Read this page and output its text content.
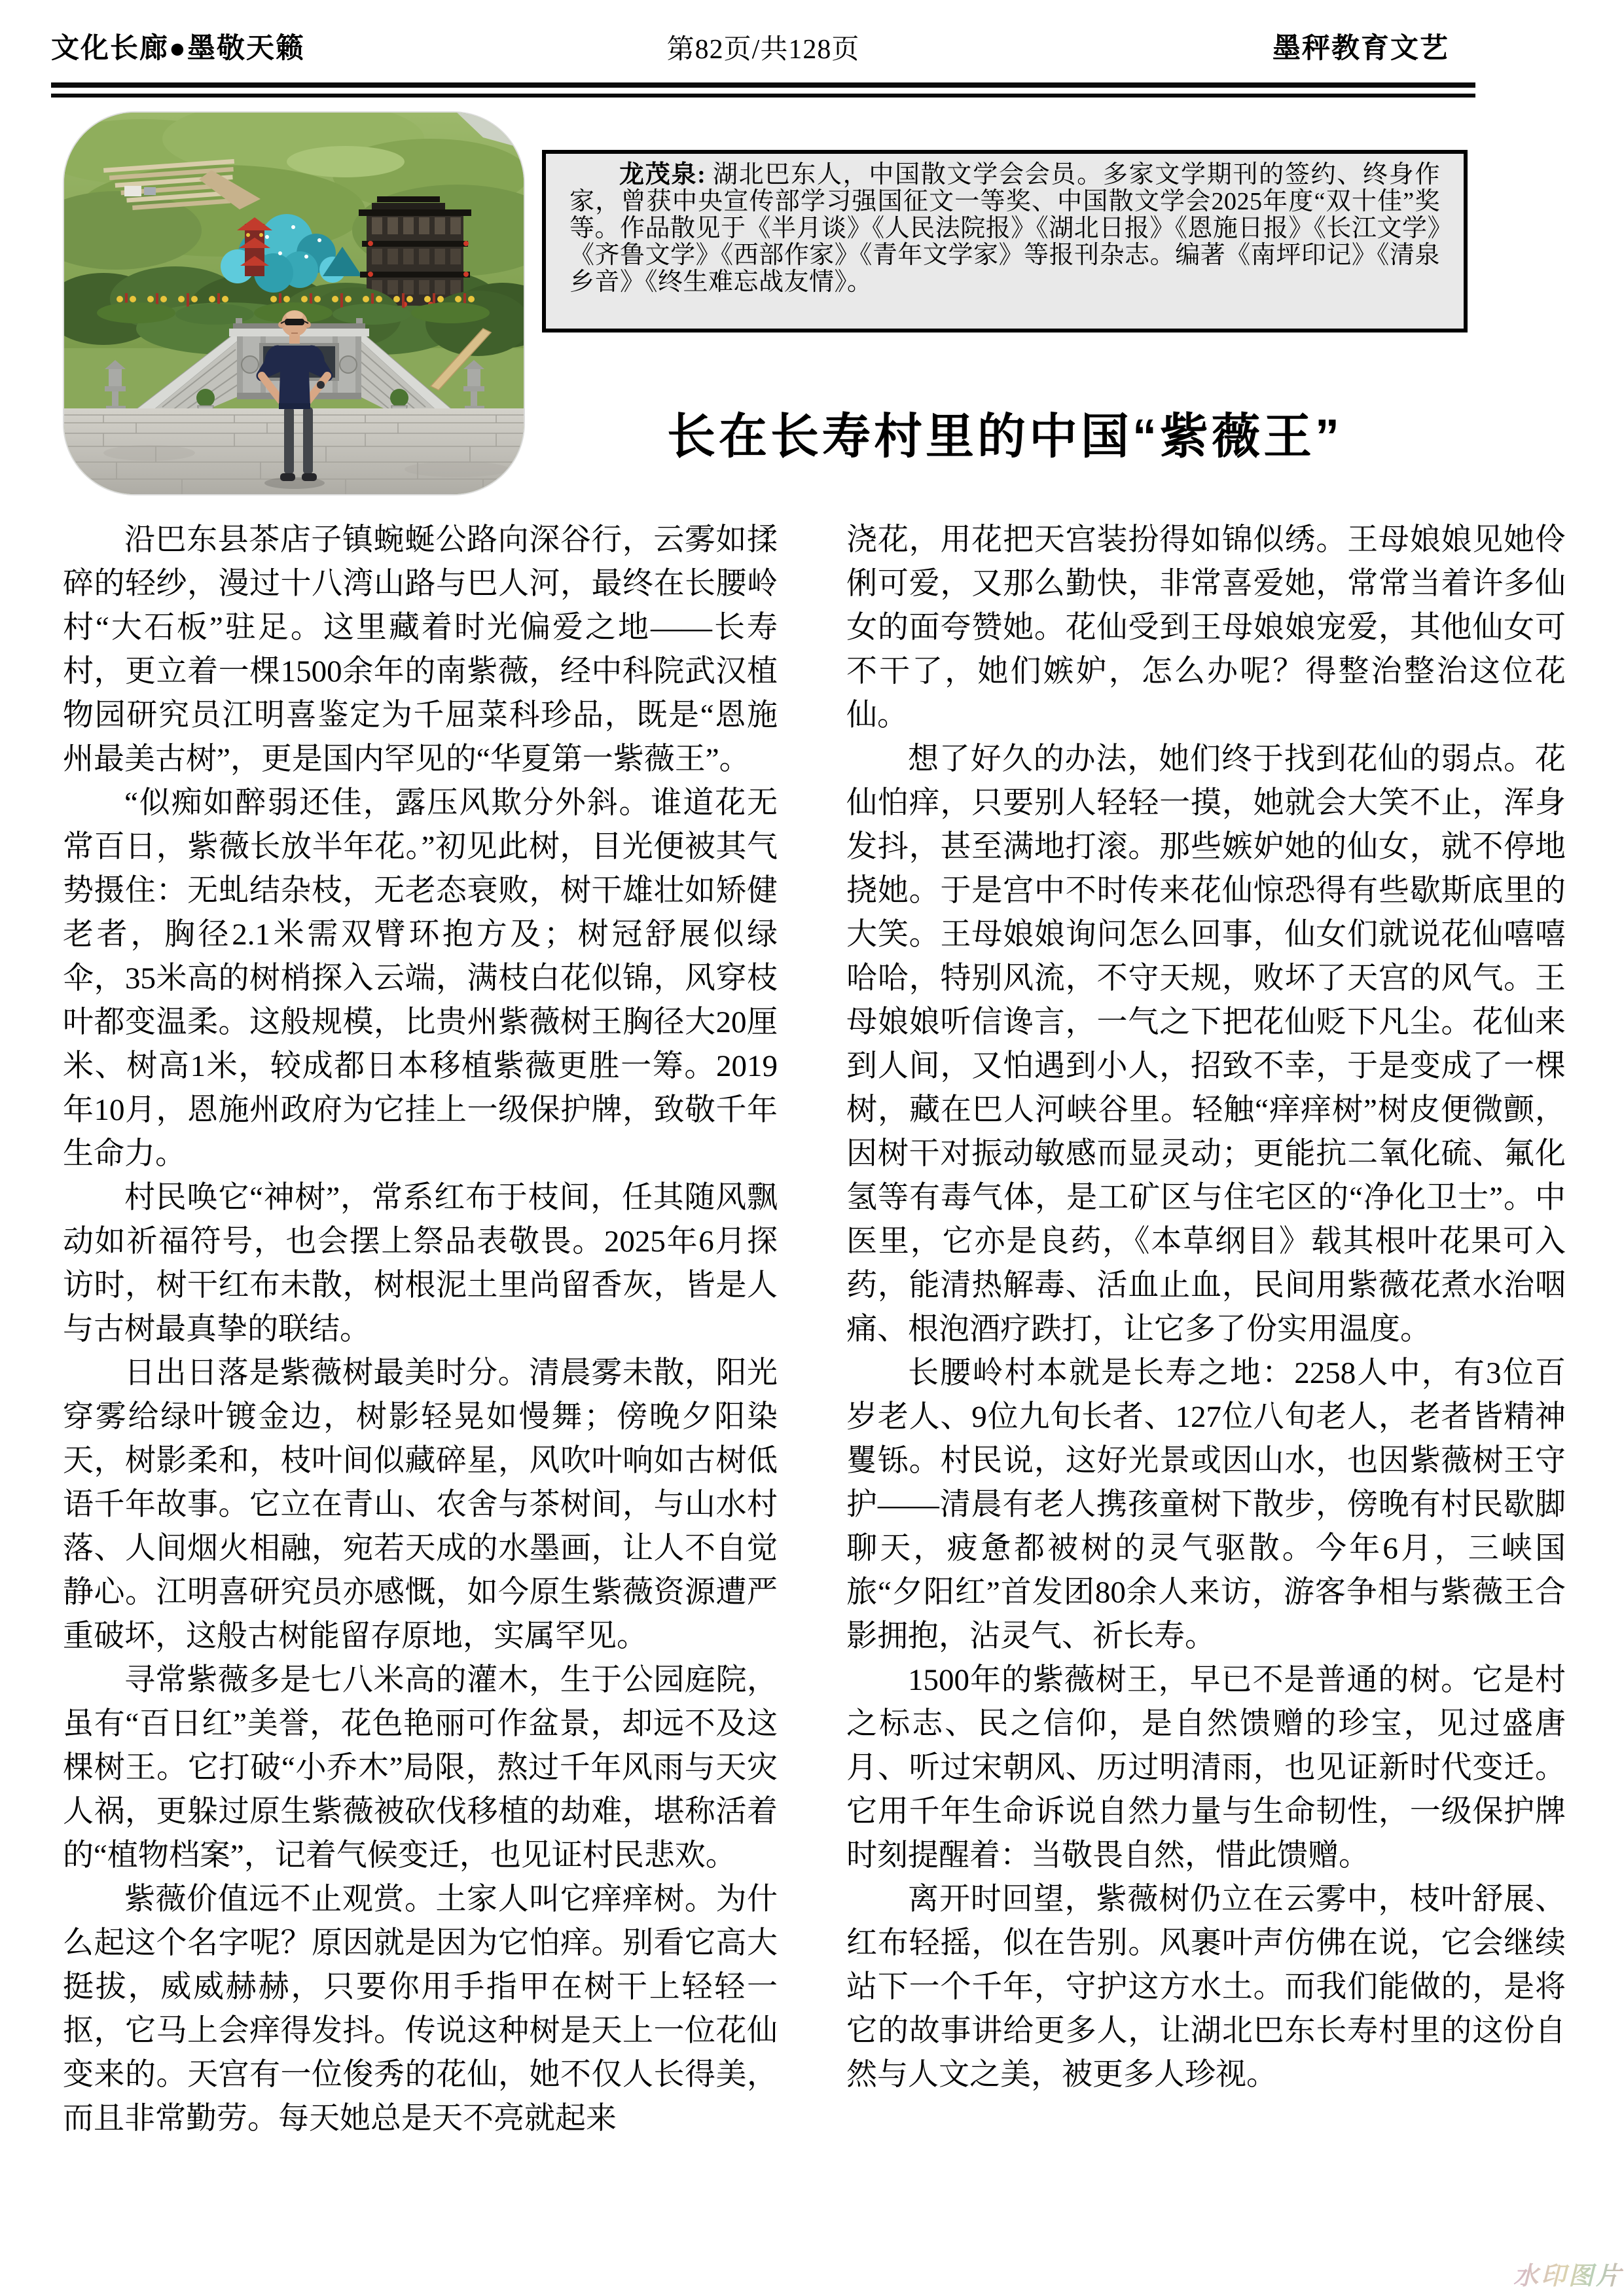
文化长廊●墨敬天籁	第82页/共128页	墨秤教育文艺

龙茂泉: 湖北巴东人，中国散文学会会员。多家文学期刊的签约、终身作家，曾获中央宣传部学习强国征文一等奖、中国散文学会2025年度“双十佳”奖等。作品散见于《半月谈》《人民法院报》《湖北日报》《恩施日报》《长江文学》《齐鲁文学》《西部作家》《青年文学家》等报刊杂志。编著《南坪印记》《清泉乡音》《终生难忘战友情》。

长在长寿村里的中国“紫薇王”

沿巴东县茶店子镇蜿蜒公路向深谷行，云雾如揉碎的轻纱，漫过十八湾山路与巴人河，最终在长腰岭村“大石板”驻足。这里藏着时光偏爱之地——长寿村，更立着一棵1500余年的南紫薇，经中科院武汉植物园研究员江明喜鉴定为千屈菜科珍品，既是“恩施州最美古树”，更是国内罕见的“华夏第一紫薇王”。

“似痴如醉弱还佳，露压风欺分外斜。谁道花无常百日，紫薇长放半年花。”初见此树，目光便被其气势摄住：无虬结杂枝，无老态衰败，树干雄壮如矫健老者，胸径2.1米需双臂环抱方及；树冠舒展似绿伞，35米高的树梢探入云端，满枝白花似锦，风穿枝叶都变温柔。这般规模，比贵州紫薇树王胸径大20厘米、树高1米，较成都日本移植紫薇更胜一筹。2019年10月，恩施州政府为它挂上一级保护牌，致敬千年生命力。

村民唤它“神树”，常系红布于枝间，任其随风飘动如祈福符号，也会摆上祭品表敬畏。2025年6月探访时，树干红布未散，树根泥土里尚留香灰，皆是人与古树最真挚的联结。

日出日落是紫薇树最美时分。清晨雾未散，阳光穿雾给绿叶镀金边，树影轻晃如慢舞；傍晚夕阳染天，树影柔和，枝叶间似藏碎星，风吹叶响如古树低语千年故事。它立在青山、农舍与茶树间，与山水村落、人间烟火相融，宛若天成的水墨画，让人不自觉静心。江明喜研究员亦感慨，如今原生紫薇资源遭严重破坏，这般古树能留存原地，实属罕见。

寻常紫薇多是七八米高的灌木，生于公园庭院，虽有“百日红”美誉，花色艳丽可作盆景，却远不及这棵树王。它打破“小乔木”局限，熬过千年风雨与天灾人祸，更躲过原生紫薇被砍伐移植的劫难，堪称活着的“植物档案”，记着气候变迁，也见证村民悲欢。

紫薇价值远不止观赏。土家人叫它痒痒树。为什么起这个名字呢？原因就是因为它怕痒。别看它高大挺拔，威威赫赫，只要你用手指甲在树干上轻轻一抠，它马上会痒得发抖。传说这种树是天上一位花仙变来的。天宫有一位俊秀的花仙，她不仅人长得美，而且非常勤劳。每天她总是天不亮就起来

浇花，用花把天宫装扮得如锦似绣。王母娘娘见她伶俐可爱，又那么勤快，非常喜爱她，常常当着许多仙女的面夸赞她。花仙受到王母娘娘宠爱，其他仙女可不干了，她们嫉妒，怎么办呢？得整治整治这位花仙。

想了好久的办法，她们终于找到花仙的弱点。花仙怕痒，只要别人轻轻一摸，她就会大笑不止，浑身发抖，甚至满地打滚。那些嫉妒她的仙女，就不停地挠她。于是宫中不时传来花仙惊恐得有些歇斯底里的大笑。王母娘娘询问怎么回事，仙女们就说花仙嘻嘻哈哈，特别风流，不守天规，败坏了天宫的风气。王母娘娘听信谗言，一气之下把花仙贬下凡尘。花仙来到人间，又怕遇到小人，招致不幸，于是变成了一棵树，藏在巴人河峡谷里。轻触“痒痒树”树皮便微颤，因树干对振动敏感而显灵动；更能抗二氧化硫、氟化氢等有毒气体，是工矿区与住宅区的“净化卫士”。中医里，它亦是良药，《本草纲目》载其根叶花果可入药，能清热解毒、活血止血，民间用紫薇花煮水治咽痛、根泡酒疗跌打，让它多了份实用温度。

长腰岭村本就是长寿之地：2258人中，有3位百岁老人、9位九旬长者、127位八旬老人，老者皆精神矍铄。村民说，这好光景或因山水，也因紫薇树王守护——清晨有老人携孩童树下散步，傍晚有村民歇脚聊天，疲惫都被树的灵气驱散。今年6月，三峡国旅“夕阳红”首发团80余人来访，游客争相与紫薇王合影拥抱，沾灵气、祈长寿。

1500年的紫薇树王，早已不是普通的树。它是村之标志、民之信仰，是自然馈赠的珍宝，见过盛唐月、听过宋朝风、历过明清雨，也见证新时代变迁。它用千年生命诉说自然力量与生命韧性，一级保护牌时刻提醒着：当敬畏自然，惜此馈赠。

离开时回望，紫薇树仍立在云雾中，枝叶舒展、红布轻摇，似在告别。风裹叶声仿佛在说，它会继续站下一个千年，守护这方水土。而我们能做的，是将它的故事讲给更多人，让湖北巴东长寿村里的这份自然与人文之美，被更多人珍视。

水印图片
